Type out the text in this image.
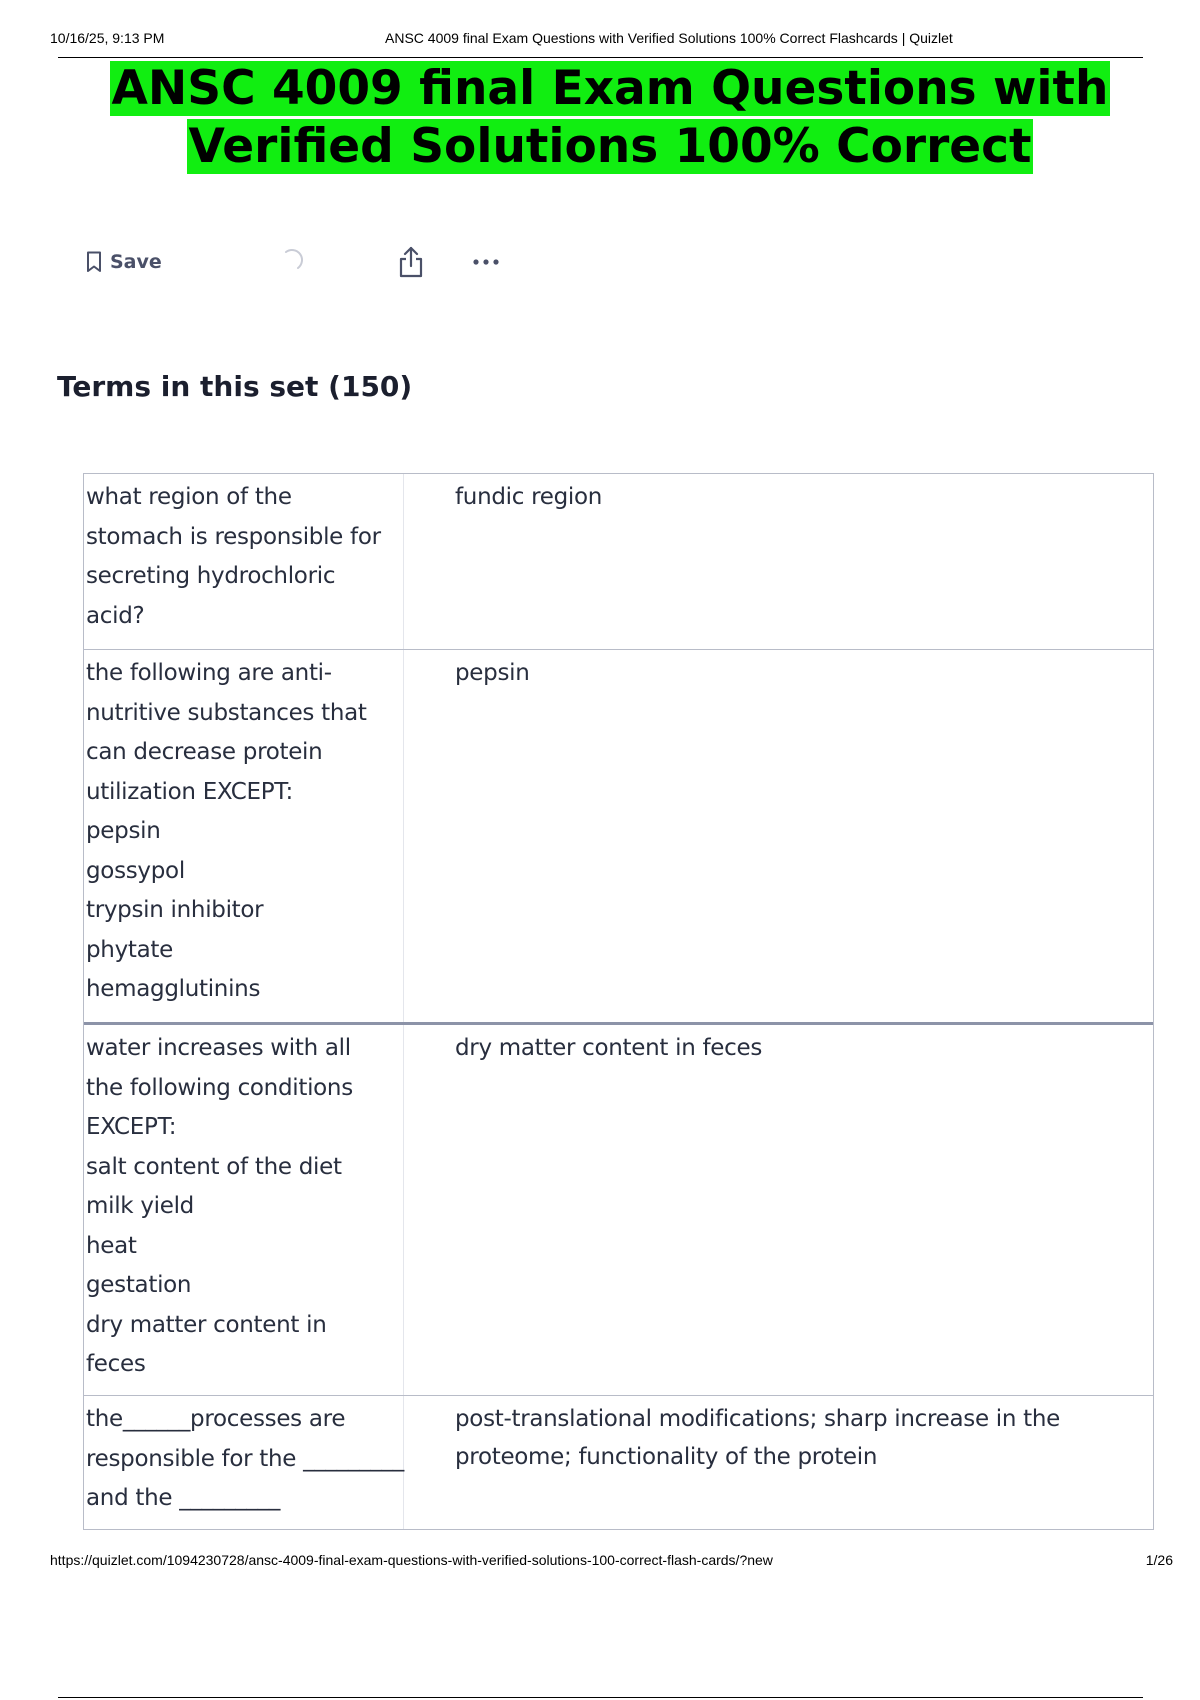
10/16/25, 9:13 PM	ANSC 4009 final Exam Questions with Verified Solutions 100% Correct Flashcards | Quizlet
ANSC 4009 final Exam Questions with Verified Solutions 100% Correct
Save
Terms in this set (150)
what region of the
stomach is responsible for
secreting hydrochloric
acid?
fundic region
the following are anti-
nutritive substances that
can decrease protein
utilization EXCEPT:
pepsin
gossypol
trypsin inhibitor
phytate
hemagglutinins
pepsin
water increases with all
the following conditions
EXCEPT:
salt content of the diet
milk yield
heat
gestation
dry matter content in
feces
dry matter content in feces
the______processes are
responsible for the _________
and the _________
post-translational modifications; sharp increase in the
proteome; functionality of the protein
https://quizlet.com/1094230728/ansc-4009-final-exam-questions-with-verified-solutions-100-correct-flash-cards/?new	1/26
